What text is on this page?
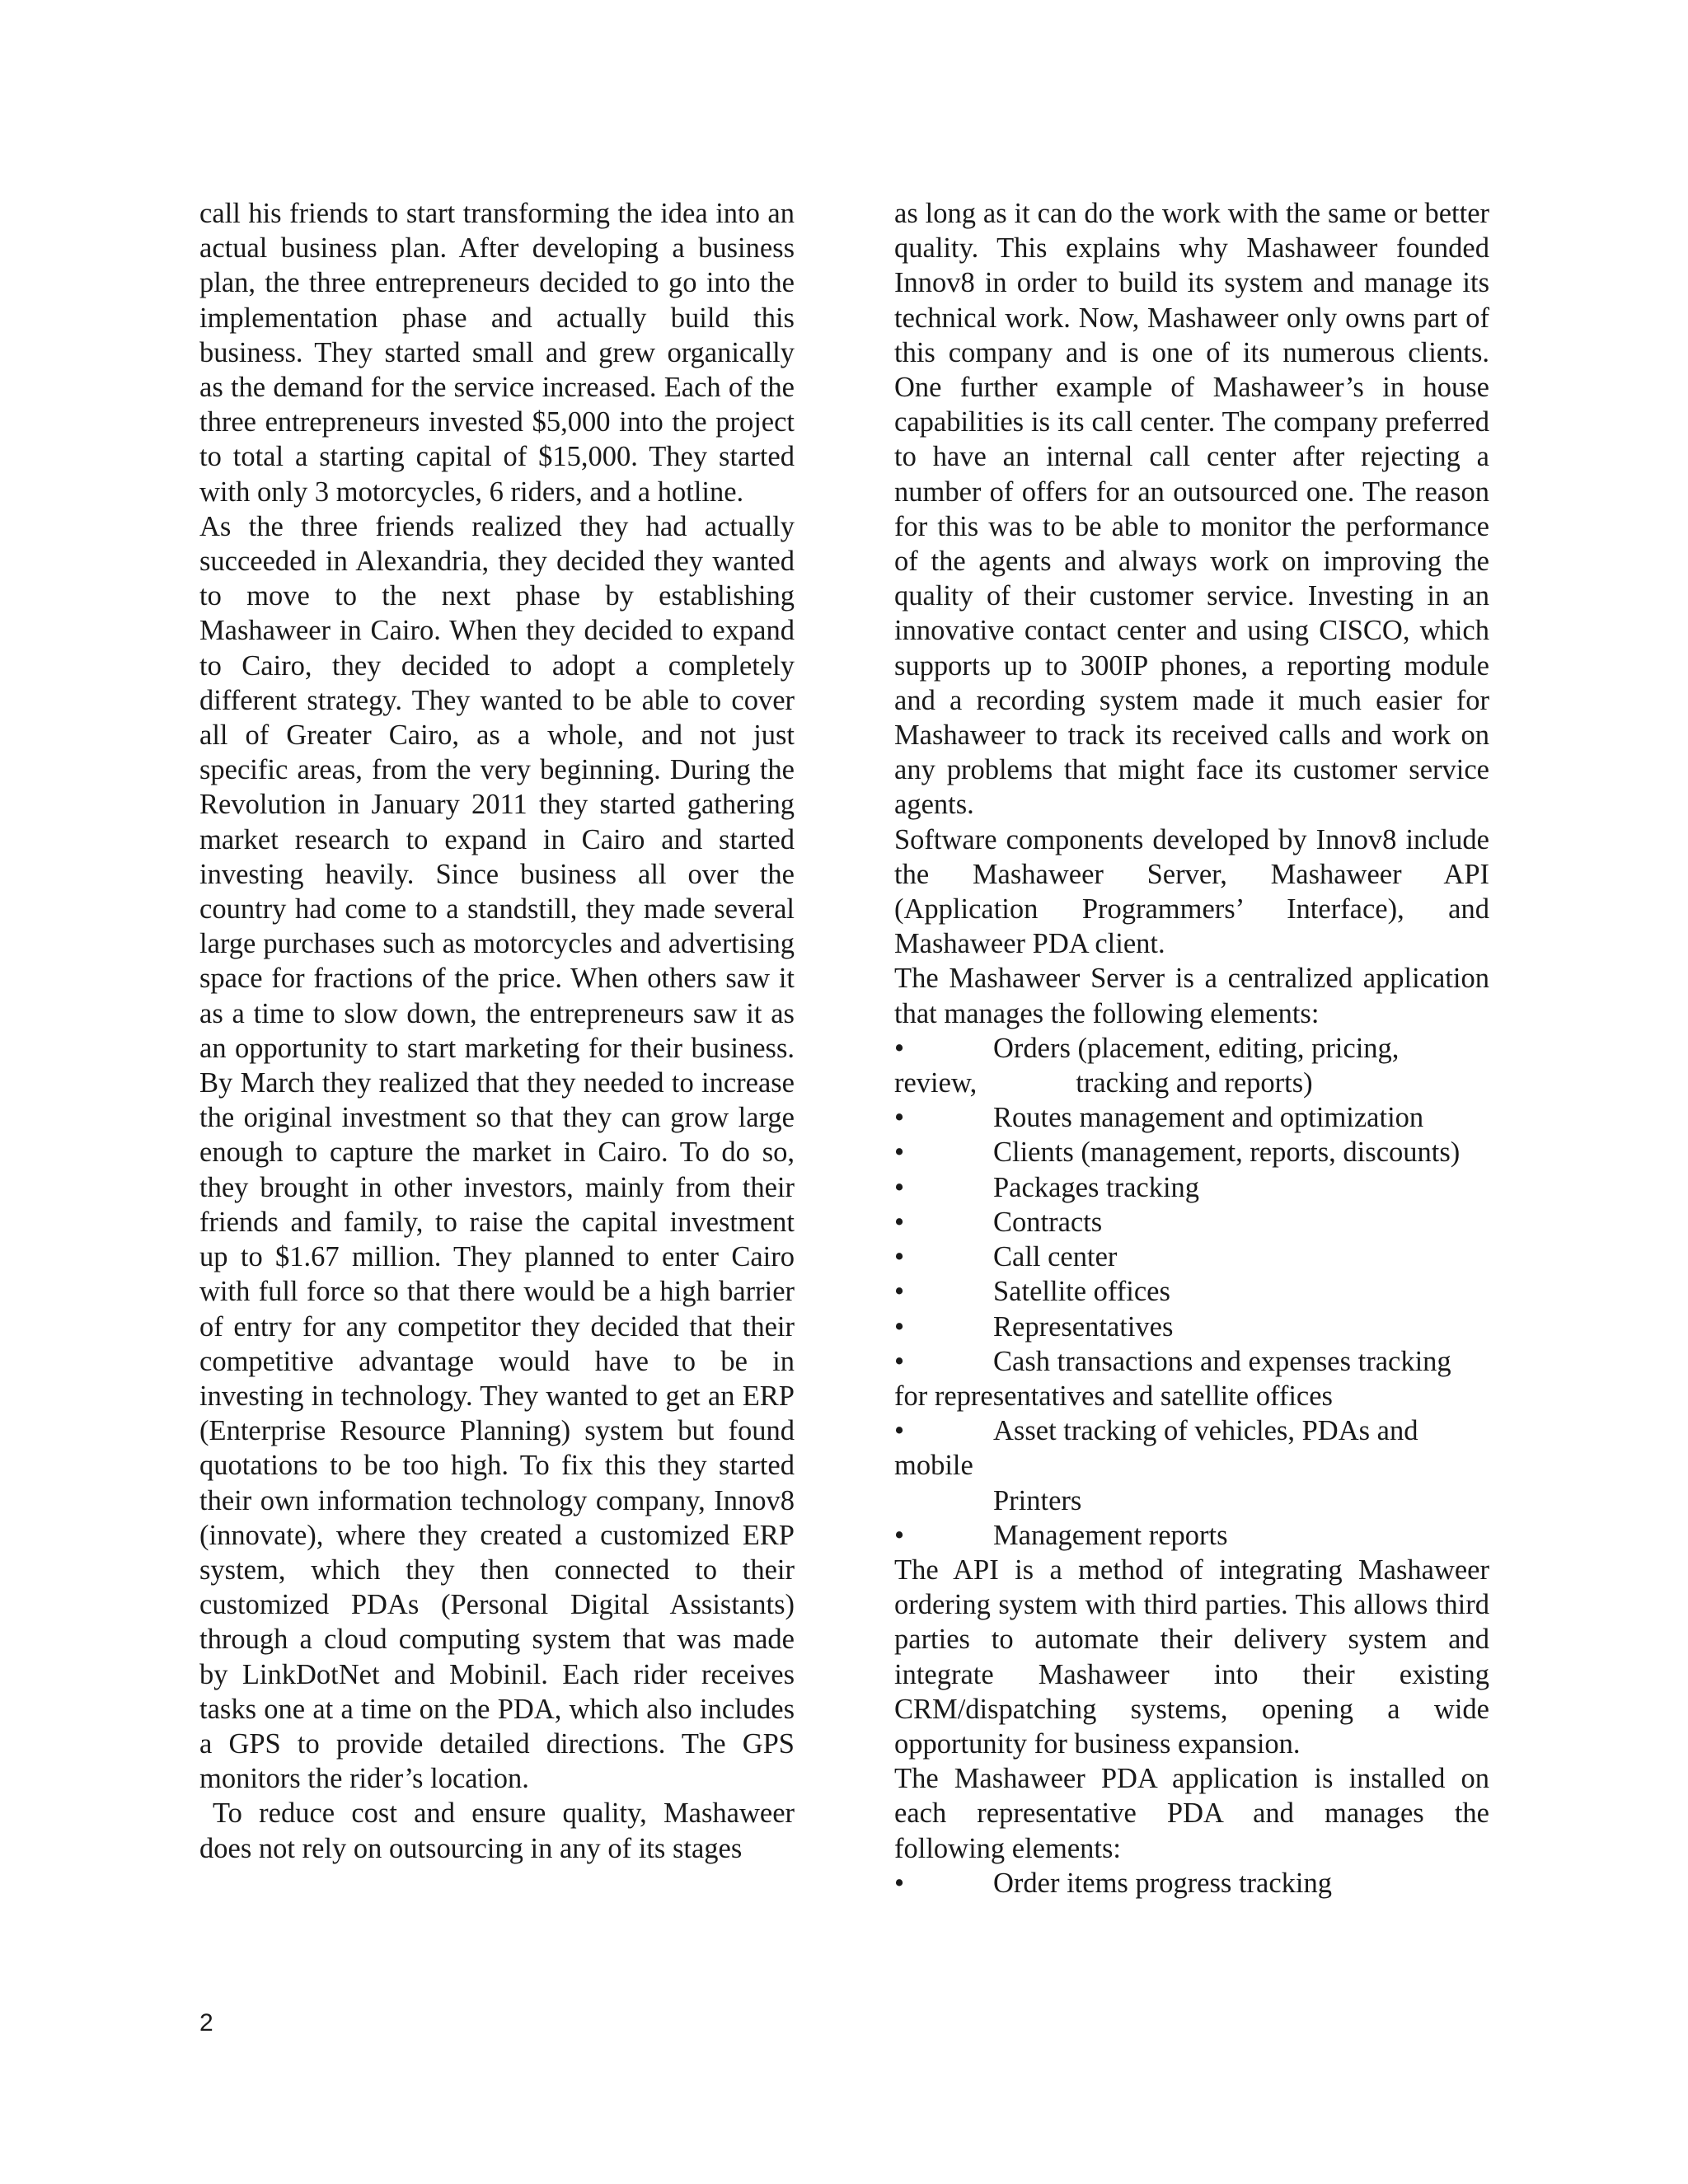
call his friends to start transforming the idea into an actual business plan. After developing a business plan, the three entrepreneurs decided to go into the implementation phase and actually build this business. They started small and grew organically as the demand for the service increased. Each of the three entrepreneurs invested $5,000 into the project to total a starting capital of $15,000. They started with only 3 motorcycles, 6 riders, and a hotline.

As the three friends realized they had actually succeeded in Alexandria, they decided they wanted to move to the next phase by establishing Mashaweer in Cairo. When they decided to expand to Cairo, they decided to adopt a completely different strategy. They wanted to be able to cover all of Greater Cairo, as a whole, and not just specific areas, from the very beginning. During the Revolution in January 2011 they started gathering market research to expand in Cairo and started investing heavily. Since business all over the country had come to a standstill, they made several large purchases such as motorcycles and advertising space for fractions of the price. When others saw it as a time to slow down, the entrepreneurs saw it as an opportunity to start marketing for their business. By March they realized that they needed to increase the original investment so that they can grow large enough to capture the market in Cairo. To do so, they brought in other investors, mainly from their friends and family, to raise the capital investment up to $1.67 million. They planned to enter Cairo with full force so that there would be a high barrier of entry for any competitor they decided that their competitive advantage would have to be in investing in technology. They wanted to get an ERP (Enterprise Resource Planning) system but found quotations to be too high. To fix this they started their own information technology company, Innov8 (innovate), where they created a customized ERP system, which they then connected to their customized PDAs (Personal Digital Assistants) through a cloud computing system that was made by LinkDotNet and Mobinil. Each rider receives tasks one at a time on the PDA, which also includes a GPS to provide detailed directions. The GPS monitors the rider’s location.

To reduce cost and ensure quality, Mashaweer does not rely on outsourcing in any of its stages

as long as it can do the work with the same or better quality. This explains why Mashaweer founded Innov8 in order to build its system and manage its technical work. Now, Mashaweer only owns part of this company and is one of its numerous clients. One further example of Mashaweer’s in house capabilities is its call center. The company preferred to have an internal call center after rejecting a number of offers for an outsourced one. The reason for this was to be able to monitor the performance of the agents and always work on improving the quality of their customer service. Investing in an innovative contact center and using CISCO, which supports up to 300IP phones, a reporting module and a recording system made it much easier for Mashaweer to track its received calls and work on any problems that might face its customer service agents.

Software components developed by Innov8 include the Mashaweer Server, Mashaweer API (Application Programmers’ Interface), and Mashaweer PDA client.

The Mashaweer Server is a centralized application that manages the following elements:

•	Orders (placement, editing, pricing,

review,	tracking and reports)

•	Routes management and optimization

•	Clients (management, reports, discounts)

•	Packages tracking

•	Contracts

•	Call center

•	Satellite offices

•	Representatives

•	Cash transactions and expenses tracking

for representatives and satellite offices

•	Asset tracking of vehicles, PDAs and

mobile

Printers

•	Management reports

The API is a method of integrating Mashaweer ordering system with third parties. This allows third parties to automate their delivery system and integrate Mashaweer into their existing CRM/dispatching systems, opening a wide opportunity for business expansion.

The Mashaweer PDA application is installed on each representative PDA and manages the following elements:

•	Order items progress tracking

2
